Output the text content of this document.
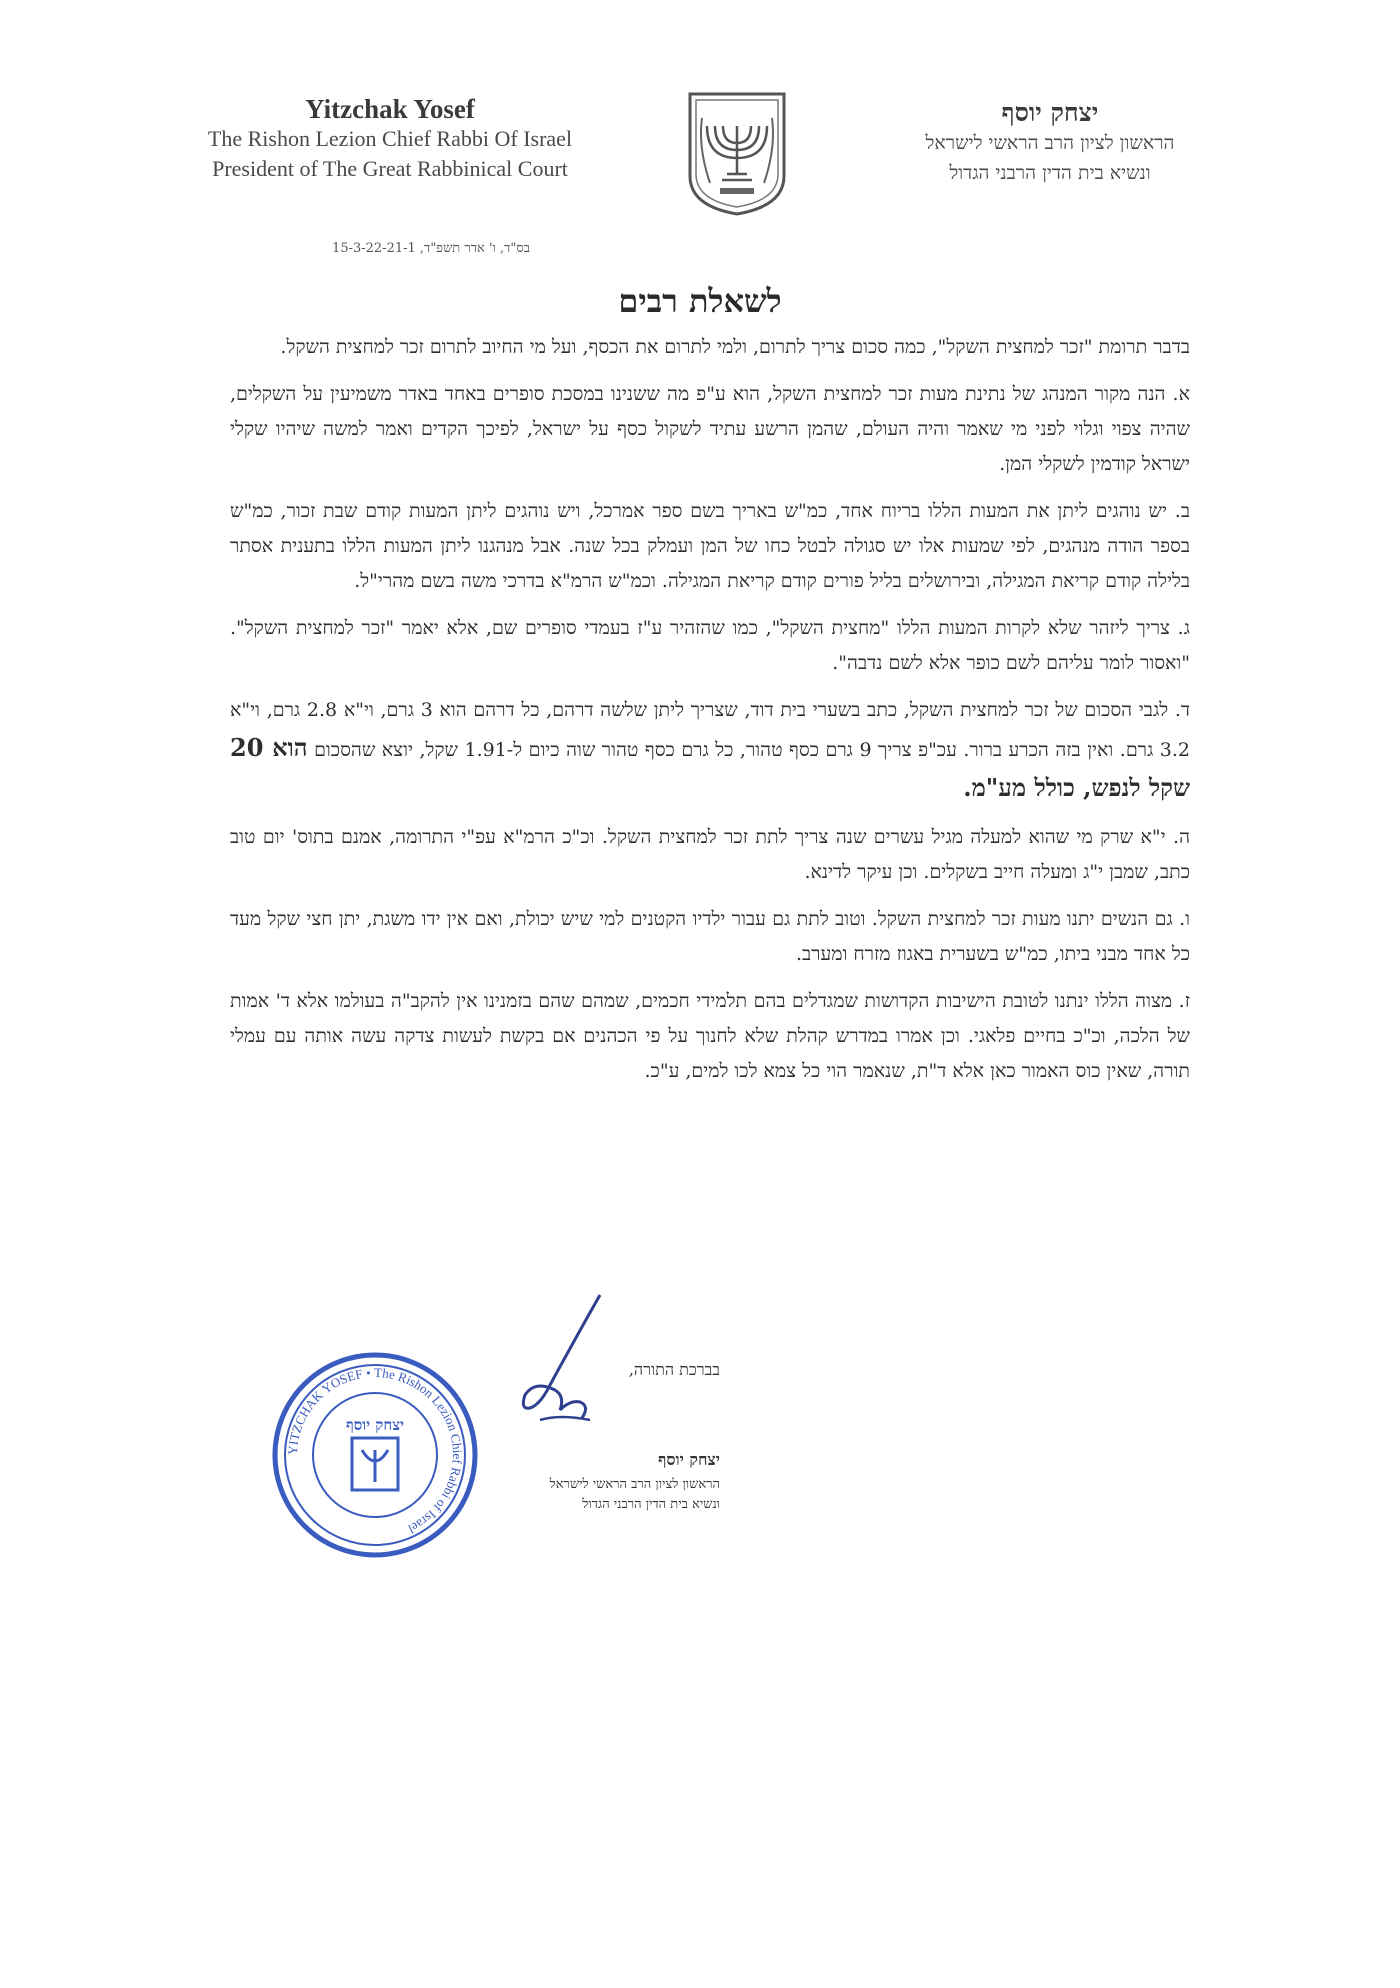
Yitzchak Yosef
The Rishon Lezion Chief Rabbi Of Israel
President of The Great Rabbinical Court
יצחק יוסף
הראשון לציון הרב הראשי לישראל
ונשיא בית הדין הרבני הגדול
בס"ד, ו' אדר תשפ"ד, 15-3-22-21-1
לשאלת רבים

בדבר תרומת "זכר למחצית השקל", כמה סכום צריך לתרום, ולמי לתרום את הכסף, ועל מי החיוב לתרום זכר למחצית השקל.

א. הנה מקור המנהג של נתינת מעות זכר למחצית השקל, הוא ע"פ מה ששנינו במסכת סופרים באחד באדר משמיעין על השקלים, שהיה צפוי וגלוי לפני מי שאמר והיה העולם, שהמן הרשע עתיד לשקול כסף על ישראל, לפיכך הקדים ואמר למשה שיהיו שקלי ישראל קודמין לשקלי המן.

ב. יש נוהגים ליתן את המעות הללו בריוח אחד, כמ"ש באריך בשם ספר אמרכל, ויש נוהגים ליתן המעות קודם שבת זכור, כמ"ש בספר הודה מנהגים, לפי שמעות אלו יש סגולה לבטל כחו של המן ועמלק בכל שנה. אבל מנהגנו ליתן המעות הללו בתענית אסתר בלילה קודם קריאת המגילה, ובירושלים בליל פורים קודם קריאת המגילה. וכמ"ש הרמ"א בדרכי משה בשם מהרי"ל.

ג. צריך ליזהר שלא לקרות המעות הללו "מחצית השקל", כמו שהזהיר ע"ז בעמדי סופרים שם, אלא יאמר "זכר למחצית השקל". "ואסור לומר עליהם לשם כופר אלא לשם נדבה".

ד. לגבי הסכום של זכר למחצית השקל, כתב בשערי בית דוד, שצריך ליתן שלשה דרהם, כל דרהם הוא 3 גרם, וי"א 2.8 גרם, וי"א 3.2 גרם. ואין בזה הכרע ברור. עכ"פ צריך 9 גרם כסף טהור, כל גרם כסף טהור שוה כיום ל-1.91 שקל, יוצא שהסכום הוא 20 שקל לנפש, כולל מע"מ.

ה. י"א שרק מי שהוא למעלה מגיל עשרים שנה צריך לתת זכר למחצית השקל. וכ"כ הרמ"א עפ"י התרומה, אמנם בתוס' יום טוב כתב, שמבן י"ג ומעלה חייב בשקלים. וכן עיקר לדינא.

ו. גם הנשים יתנו מעות זכר למחצית השקל. וטוב לתת גם עבור ילדיו הקטנים למי שיש יכולת, ואם אין ידו משגת, יתן חצי שקל מעד כל אחד מבני ביתו, כמ"ש בשערית באגוז מזרח ומערב.

ז. מצוה הללו ינתנו לטובת הישיבות הקדושות שמגדלים בהם תלמידי חכמים, שמהם שהם בזמנינו אין להקב"ה בעולמו אלא ד' אמות של הלכה, וכ"כ בחיים פלאגי. וכן אמרו במדרש קהלת שלא לחנוך על פי הכהנים אם בקשת לעשות צדקה עשה אותה עם עמלי תורה, שאין כוס האמור כאן אלא ד"ת, שנאמר הוי כל צמא לכו למים, ע"כ.

YITZCHAK YOSEF • The Rishon Lezion Chief Rabbi of Israel
יצחק יוסף
בברכת התורה,
יצחק יוסף
הראשון לציון הרב הראשי לישראל
ונשיא בית הדין הרבני הגדול
